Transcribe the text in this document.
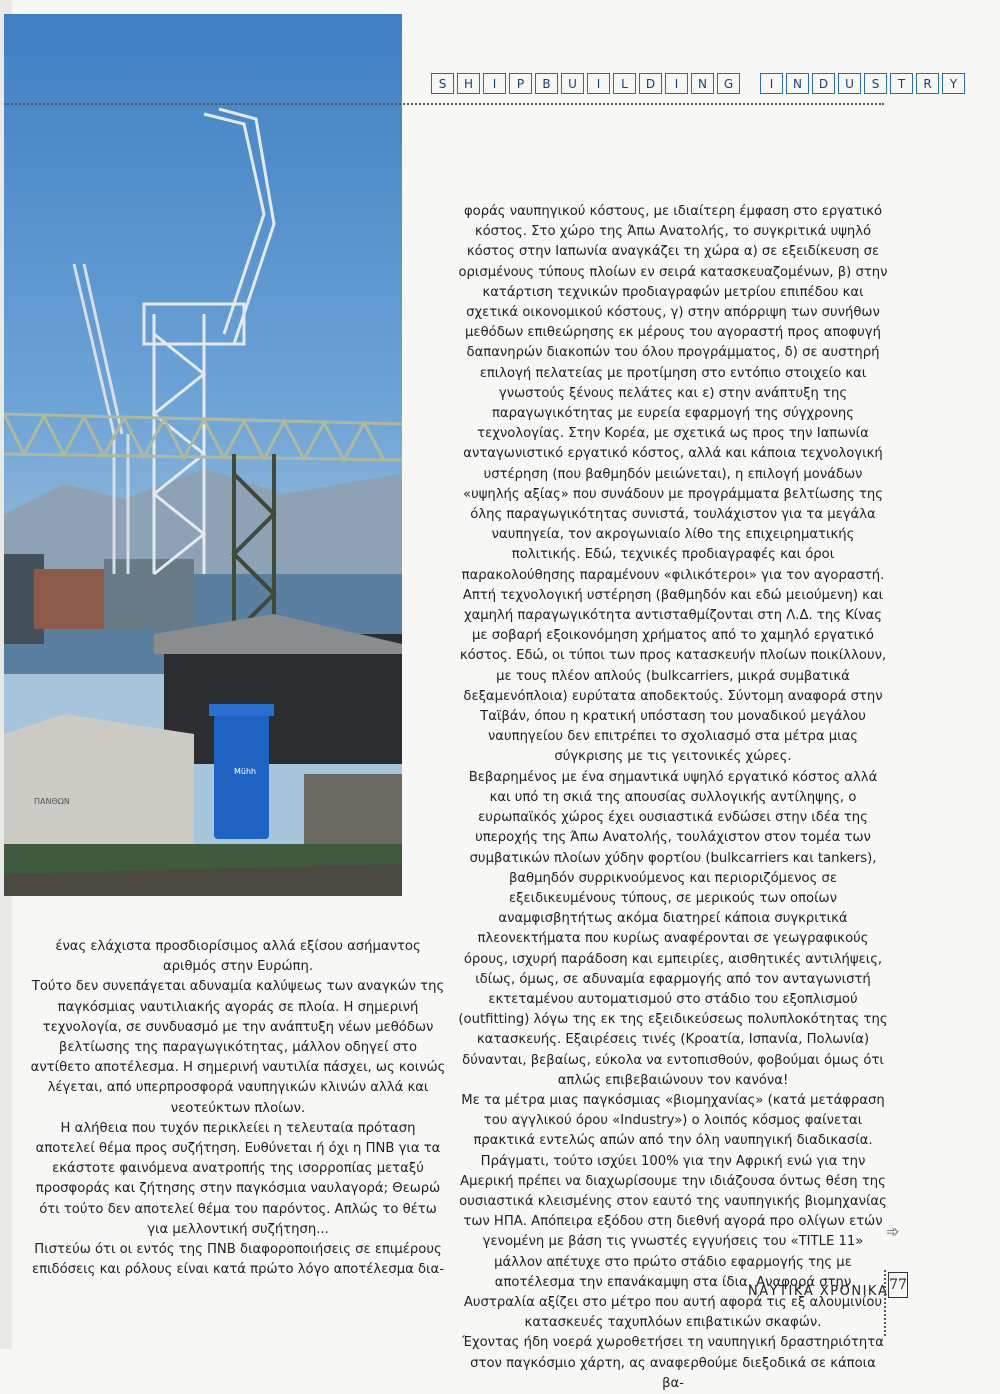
ΠΑΝΘΩΝ
Mühh
S	H	I	P	B	U	I	L	D	I	N	G	I	N	D	U	S	T	R	Y

φοράς ναυπηγικού κόστους, με ιδιαίτερη έμφαση στο εργατικό κόστος. Στο χώρο της Άπω Ανατολής, το συγκριτικά υψηλό κόστος στην Ιαπωνία αναγκάζει τη χώρα α) σε εξειδίκευση σε ορισμένους τύπους πλοίων εν σειρά κατασκευαζομένων, β) στην κατάρτιση τεχνικών προδιαγραφών μετρίου επιπέδου και σχετικά οικονομικού κόστους, γ) στην απόρριψη των συνήθων μεθόδων επιθεώρησης εκ μέρους του αγοραστή προς αποφυγή δαπανηρών διακοπών του όλου προγράμματος, δ) σε αυστηρή επιλογή πελατείας με προτίμηση στο εντόπιο στοιχείο και γνωστούς ξένους πελάτες και ε) στην ανάπτυξη της παραγωγικότητας με ευρεία εφαρμογή της σύγχρονης τεχνολογίας. Στην Κορέα, με σχετικά ως προς την Ιαπωνία ανταγωνιστικό εργατικό κόστος, αλλά και κάποια τεχνολογική υστέρηση (που βαθμηδόν μειώνεται), η επιλογή μονάδων «υψηλής αξίας» που συνάδουν με προγράμματα βελτίωσης της όλης παραγωγικότητας συνιστά, τουλάχιστον για τα μεγάλα ναυπηγεία, τον ακρογωνιαίο λίθο της επιχειρηματικής πολιτικής. Εδώ, τεχνικές προδιαγραφές και όροι παρακολούθησης παραμένουν «φιλικότεροι» για τον αγοραστή. Απτή τεχνολογική υστέρηση (βαθμηδόν και εδώ μειούμενη) και χαμηλή παραγωγικότητα αντισταθμίζονται στη Λ.Δ. της Κίνας με σοβαρή εξοικονόμηση χρήματος από το χαμηλό εργατικό κόστος. Εδώ, οι τύποι των προς κατασκευήν πλοίων ποικίλλουν, με τους πλέον απλούς (bulkcarriers, μικρά συμβατικά δεξαμενόπλοια) ευρύτατα αποδεκτούς. Σύντομη αναφορά στην Ταϊβάν, όπου η κρατική υπόσταση του μοναδικού μεγάλου ναυπηγείου δεν επιτρέπει το σχολιασμό στα μέτρα μιας σύγκρισης με τις γειτονικές χώρες.

Βεβαρημένος με ένα σημαντικά υψηλό εργατικό κόστος αλλά και υπό τη σκιά της απουσίας συλλογικής αντίληψης, ο ευρωπαϊκός χώρος έχει ουσιαστικά ενδώσει στην ιδέα της υπεροχής της Άπω Ανατολής, τουλάχιστον στον τομέα των συμβατικών πλοίων χύδην φορτίου (bulkcarriers και tankers), βαθμηδόν συρρικνούμενος και περιοριζόμενος σε εξειδικευμένους τύπους, σε μερικούς των οποίων αναμφισβητήτως ακόμα διατηρεί κάποια συγκριτικά πλεονεκτήματα που κυρίως αναφέρονται σε γεωγραφικούς όρους, ισχυρή παράδοση και εμπειρίες, αισθητικές αντιλήψεις, ιδίως, όμως, σε αδυναμία εφαρμογής από τον ανταγωνιστή εκτεταμένου αυτοματισμού στο στάδιο του εξοπλισμού (outfitting) λόγω της εκ της εξειδικεύσεως πολυπλοκότητας της κατασκευής. Εξαιρέσεις τινές (Κροατία, Ισπανία, Πολωνία) δύνανται, βεβαίως, εύκολα να εντοπισθούν, φοβούμαι όμως ότι απλώς επιβεβαιώνουν τον κανόνα!

Με τα μέτρα μιας παγκόσμιας «βιομηχανίας» (κατά μετάφραση του αγγλικού όρου «Industry») ο λοιπός κόσμος φαίνεται πρακτικά εντελώς απών από την όλη ναυπηγική διαδικασία. Πράγματι, τούτο ισχύει 100% για την Αφρική ενώ για την Αμερική πρέπει να διαχωρίσουμε την ιδιάζουσα όντως θέση της ουσιαστικά κλεισμένης στον εαυτό της ναυπηγικής βιομηχανίας των ΗΠΑ. Απόπειρα εξόδου στη διεθνή αγορά προ ολίγων ετών γενομένη με βάση τις γνωστές εγγυήσεις του «TITLE 11» μάλλον απέτυχε στο πρώτο στάδιο εφαρμογής της με αποτέλεσμα την επανάκαμψη στα ίδια. Αναφορά στην Αυστραλία αξίζει στο μέτρο που αυτή αφορά τις εξ αλουμινίου κατασκευές ταχυπλόων επιβατικών σκαφών.

Έχοντας ήδη νοερά χωροθετήσει τη ναυπηγική δραστηριότητα στον παγκόσμιο χάρτη, ας αναφερθούμε διεξοδικά σε κάποια βα-

➾

ένας ελάχιστα προσδιορίσιμος αλλά εξίσου ασήμαντος αριθμός στην Ευρώπη.

Τούτο δεν συνεπάγεται αδυναμία καλύψεως των αναγκών της παγκόσμιας ναυτιλιακής αγοράς σε πλοία. Η σημερινή τεχνολογία, σε συνδυασμό με την ανάπτυξη νέων μεθόδων βελτίωσης της παραγωγικότητας, μάλλον οδηγεί στο αντίθετο αποτέλεσμα. Η σημερινή ναυτιλία πάσχει, ως κοινώς λέγεται, από υπερπροσφορά ναυπηγικών κλινών αλλά και νεοτεύκτων πλοίων.

Η αλήθεια που τυχόν περικλείει η τελευταία πρόταση αποτελεί θέμα προς συζήτηση. Ευθύνεται ή όχι η ΠΝΒ για τα εκάστοτε φαινόμενα ανατροπής της ισορροπίας μεταξύ προσφοράς και ζήτησης στην παγκόσμια ναυλαγορά; Θεωρώ ότι τούτο δεν αποτελεί θέμα του παρόντος. Απλώς το θέτω για μελλοντική συζήτηση...

Πιστεύω ότι οι εντός της ΠΝΒ διαφοροποιήσεις σε επιμέρους επιδόσεις και ρόλους είναι κατά πρώτο λόγο αποτέλεσμα δια-

ΝΑΥΤΙΚΑ ΧΡΟΝΙΚΑ 77
